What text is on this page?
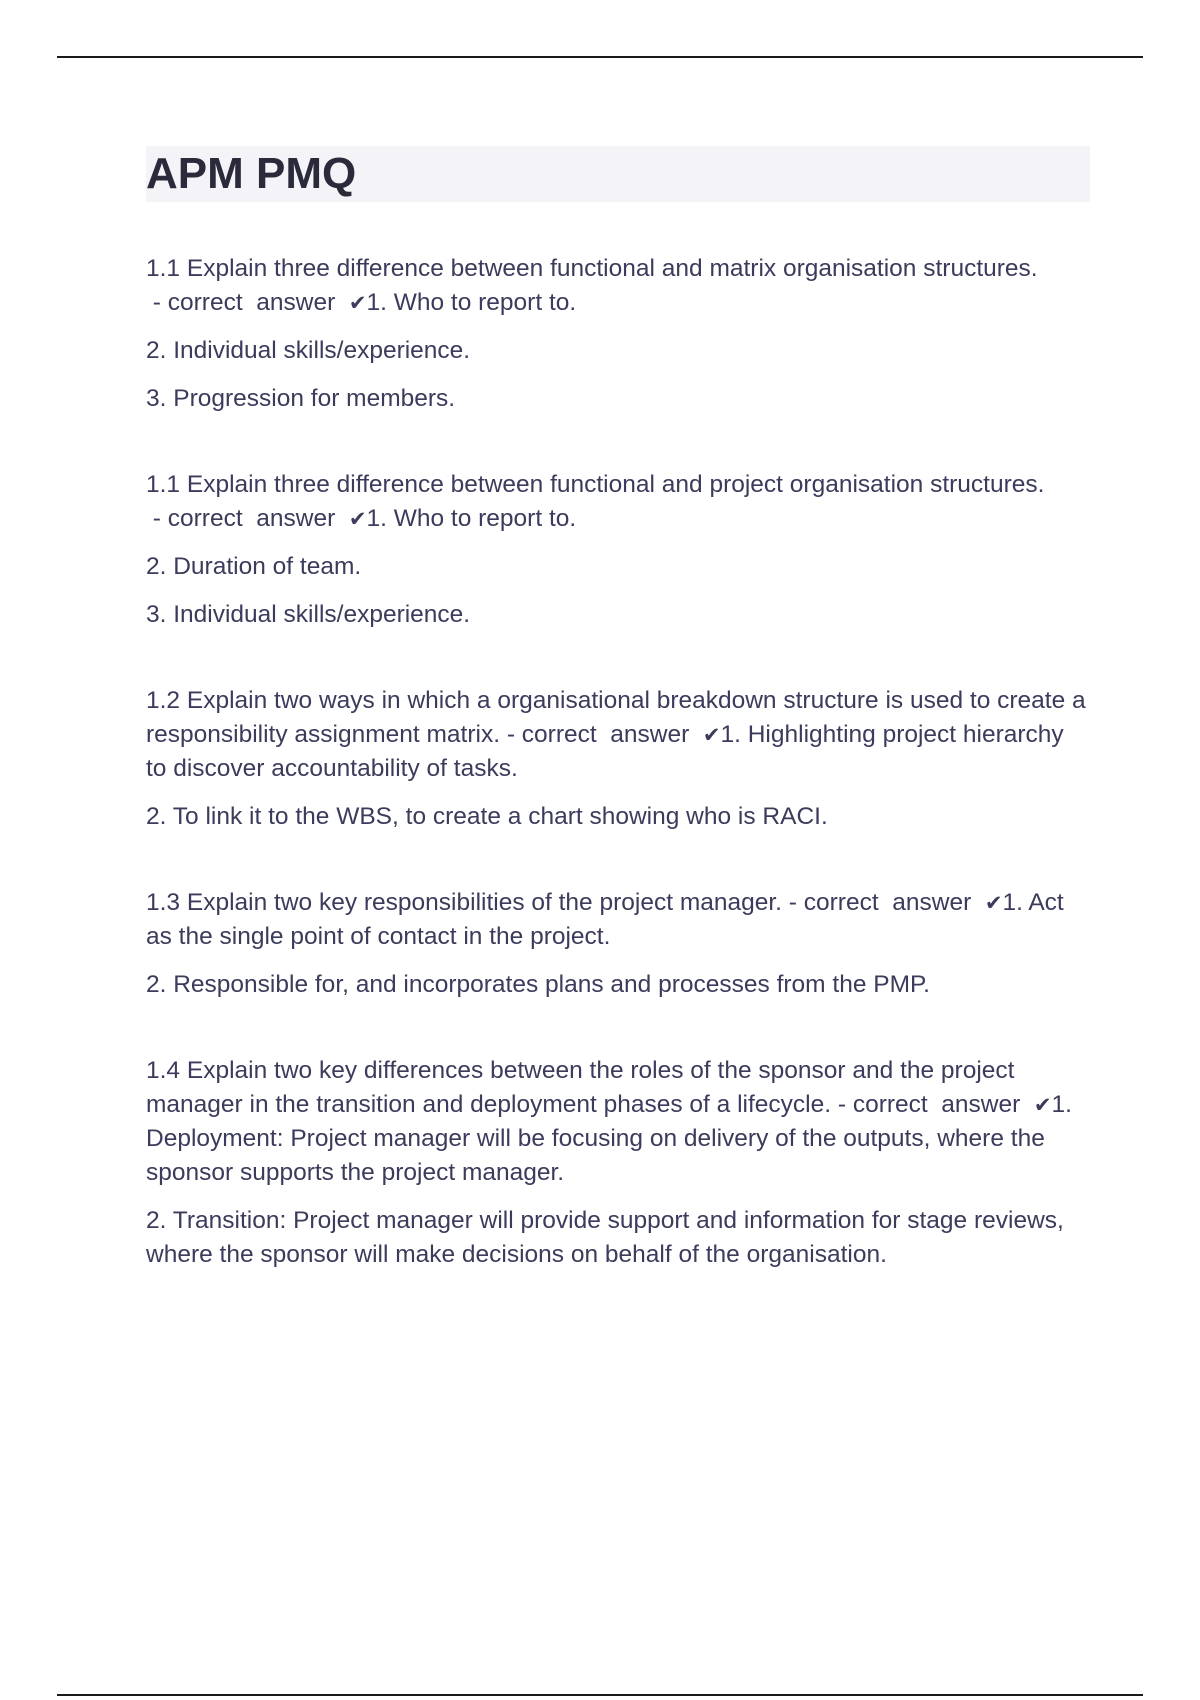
APM PMQ

1.1 Explain three difference between functional and matrix organisation structures. - correct  answer  ✔1. Who to report to.

2. Individual skills/experience.

3. Progression for members.

1.1 Explain three difference between functional and project organisation structures. - correct  answer  ✔1. Who to report to.

2. Duration of team.

3. Individual skills/experience.

1.2 Explain two ways in which a organisational breakdown structure is used to create a responsibility assignment matrix. - correct  answer  ✔1. Highlighting project hierarchy to discover accountability of tasks.

2. To link it to the WBS, to create a chart showing who is RACI.

1.3 Explain two key responsibilities of the project manager. - correct  answer  ✔1. Act as the single point of contact in the project.

2. Responsible for, and incorporates plans and processes from the PMP.

1.4 Explain two key differences between the roles of the sponsor and the project manager in the transition and deployment phases of a lifecycle. - correct  answer  ✔1. Deployment: Project manager will be focusing on delivery of the outputs, where the sponsor supports the project manager.

2. Transition: Project manager will provide support and information for stage reviews, where the sponsor will make decisions on behalf of the organisation.
